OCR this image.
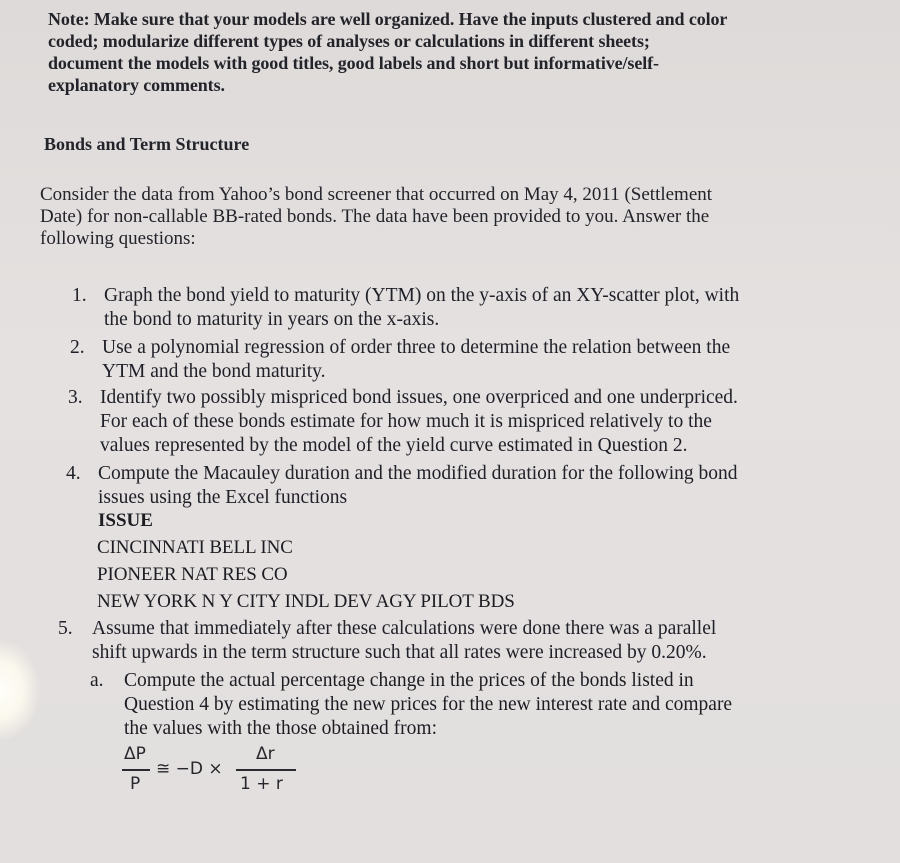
Note: Make sure that your models are well organized. Have the inputs clustered and color
coded; modularize different types of analyses or calculations in different sheets;
document the models with good titles, good labels and short but informative/self-
explanatory comments.
Bonds and Term Structure
Consider the data from Yahoo’s bond screener that occurred on May 4, 2011 (Settlement
Date) for non-callable BB-rated bonds. The data have been provided to you. Answer the
following questions:
1. Graph the bond yield to maturity (YTM) on the y-axis of an XY-scatter plot, with
the bond to maturity in years on the x-axis.
2. Use a polynomial regression of order three to determine the relation between the
YTM and the bond maturity.
3. Identify two possibly mispriced bond issues, one overpriced and one underpriced.
For each of these bonds estimate for how much it is mispriced relatively to the
values represented by the model of the yield curve estimated in Question 2.
4. Compute the Macauley duration and the modified duration for the following bond
issues using the Excel functions
ISSUE
CINCINNATI BELL INC
PIONEER NAT RES CO
NEW YORK N Y CITY INDL DEV AGY PILOT BDS
5. Assume that immediately after these calculations were done there was a parallel
shift upwards in the term structure such that all rates were increased by 0.20%.
a. Compute the actual percentage change in the prices of the bonds listed in
Question 4 by estimating the new prices for the new interest rate and compare
the values with the those obtained from:
ΔP
P
≅ −D ×
Δr
1 + r
